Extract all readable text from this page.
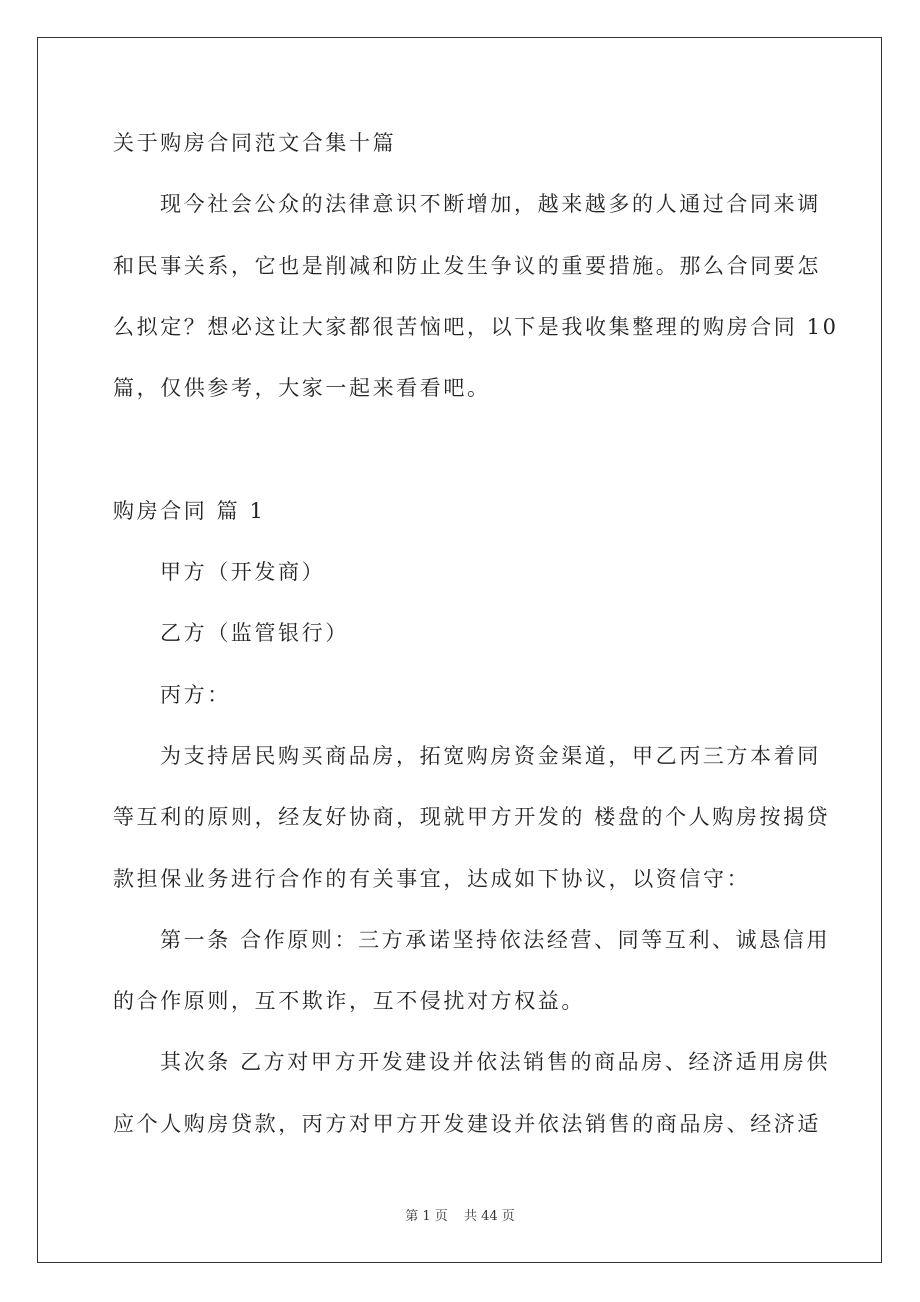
关于购房合同范文合集十篇
现今社会公众的法律意识不断增加，越来越多的人通过合同来调
和民事关系，它也是削减和防止发生争议的重要措施。那么合同要怎
么拟定？想必这让大家都很苦恼吧，以下是我收集整理的购房合同 10
篇，仅供参考，大家一起来看看吧。
购房合同 篇 1
甲方（开发商）
乙方（监管银行）
丙方：
为支持居民购买商品房，拓宽购房资金渠道，甲乙丙三方本着同
等互利的原则，经友好协商，现就甲方开发的 楼盘的个人购房按揭贷
款担保业务进行合作的有关事宜，达成如下协议，以资信守：
第一条 合作原则：三方承诺坚持依法经营、同等互利、诚恳信用
的合作原则，互不欺诈，互不侵扰对方权益。
其次条 乙方对甲方开发建设并依法销售的商品房、经济适用房供
应个人购房贷款，丙方对甲方开发建设并依法销售的商品房、经济适
第 1 页 共 44 页
